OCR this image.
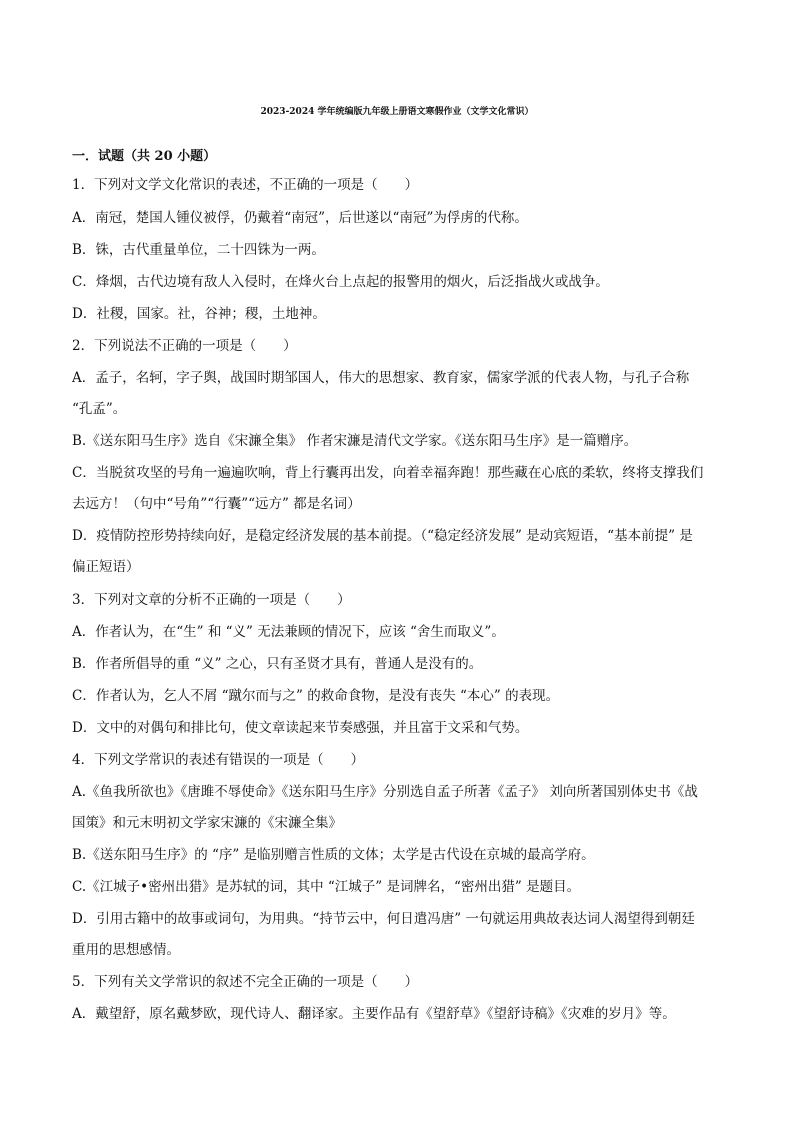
2023-2024 学年统编版九年级上册语文寒假作业（文学文化常识）
一．试题（共 20 小题）
1．下列对文学文化常识的表述，不正确的一项是（　　）
A．南冠，楚国人锺仪被俘，仍戴着“南冠”，后世遂以“南冠”为俘虏的代称。
B．铢，古代重量单位，二十四铢为一两。
C．烽烟，古代边境有敌人入侵时，在烽火台上点起的报警用的烟火，后泛指战火或战争。
D．社稷，国家。社，谷神；稷，土地神。
2．下列说法不正确的一项是（　　）
A．孟子，名轲，字子舆，战国时期邹国人，伟大的思想家、教育家，儒家学派的代表人物，与孔子合称
“孔孟”。
B.《送东阳马生序》选自《宋濂全集》 作者宋濂是清代文学家。《送东阳马生序》是一篇赠序。
C．当脱贫攻坚的号角一遍遍吹响，背上行囊再出发，向着幸福奔跑！那些藏在心底的柔软，终将支撑我们
去远方！（句中“号角”“行囊”“远方” 都是名词）
D．疫情防控形势持续向好，是稳定经济发展的基本前提。（“稳定经济发展” 是动宾短语，“基本前提” 是
偏正短语）
3．下列对文章的分析不正确的一项是（　　）
A．作者认为，在“生” 和 “义” 无法兼顾的情况下，应该 “舍生而取义”。
B．作者所倡导的重 “义” 之心，只有圣贤才具有，普通人是没有的。
C．作者认为，乞人不屑 “蹴尔而与之” 的救命食物，是没有丧失 “本心” 的表现。
D．文中的对偶句和排比句，使文章读起来节奏感强，并且富于文采和气势。
4．下列文学常识的表述有错误的一项是（　　）
A.《鱼我所欲也》《唐雎不辱使命》《送东阳马生序》分别选自孟子所著《孟子》 刘向所著国别体史书《战
国策》和元末明初文学家宋濂的《宋濂全集》
B.《送东阳马生序》的 “序” 是临别赠言性质的文体；太学是古代设在京城的最高学府。
C.《江城子•密州出猎》是苏轼的词，其中 “江城子” 是词牌名，“密州出猎” 是题目。
D．引用古籍中的故事或词句，为用典。“持节云中，何日遣冯唐” 一句就运用典故表达词人渴望得到朝廷
重用的思想感情。
5．下列有关文学常识的叙述不完全正确的一项是（　　）
A．戴望舒，原名戴梦欧，现代诗人、翻译家。主要作品有《望舒草》《望舒诗稿》《灾难的岁月》等。
